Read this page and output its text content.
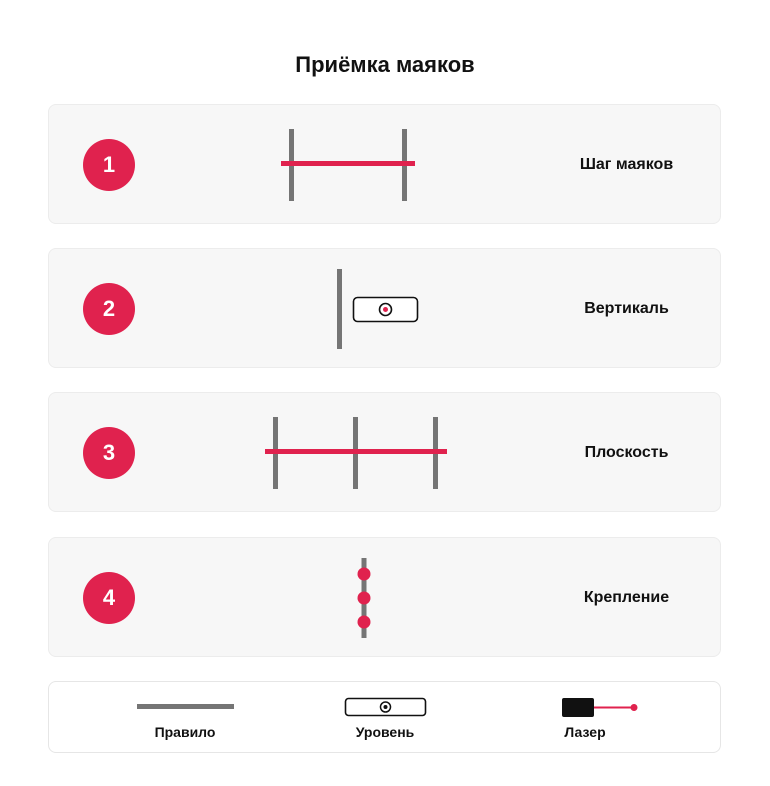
Приёмка маяков
1	Шаг маяков
2	Вертикаль
3	Плоскость
4	Крепление
Правило	Уровень	Лазер
